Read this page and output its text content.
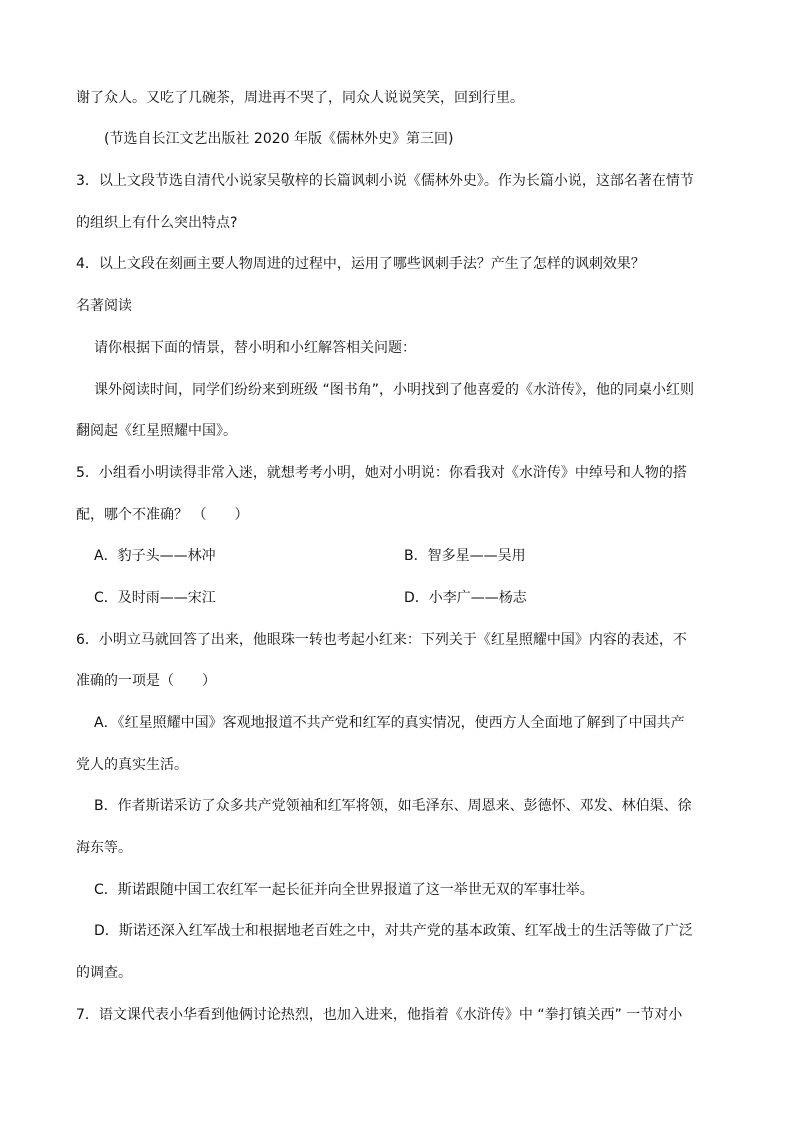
谢了众人。又吃了几碗茶，周进再不哭了，同众人说说笑笑，回到行里。
(节选自长江文艺出版社 2020 年版《儒林外史》第三回)
3．以上文段节选自清代小说家吴敬梓的长篇讽刺小说《儒林外史》。作为长篇小说，这部名著在情节
的组织上有什么突出特点?
4．以上文段在刻画主要人物周进的过程中，运用了哪些讽刺手法？产生了怎样的讽刺效果？
名著阅读
请你根据下面的情景，替小明和小红解答相关问题：
课外阅读时间，同学们纷纷来到班级 “图书角”，小明找到了他喜爱的《水浒传》，他的同桌小红则
翻阅起《红星照耀中国》。
5．小组看小明读得非常入迷，就想考考小明，她对小明说：你看我对《水浒传》中绰号和人物的搭
配，哪个不准确？ （　　）
A．豹子头——林冲	B．智多星——吴用
C．及时雨——宋江	D．小李广——杨志
6．小明立马就回答了出来，他眼珠一转也考起小红来：下列关于《红星照耀中国》内容的表述，不
准确的一项是（　　）
A．《红星照耀中国》客观地报道不共产党和红军的真实情况，使西方人全面地了解到了中国共产
党人的真实生活。
B．作者斯诺采访了众多共产党领袖和红军将领，如毛泽东、周恩来、彭德怀、邓发、林伯渠、徐
海东等。
C．斯诺跟随中国工农红军一起长征并向全世界报道了这一举世无双的军事壮举。
D．斯诺还深入红军战士和根据地老百姓之中，对共产党的基本政策、红军战士的生活等做了广泛
的调查。
7．语文课代表小华看到他俩讨论热烈，也加入进来，他指着《水浒传》中 “拳打镇关西” 一节对小
